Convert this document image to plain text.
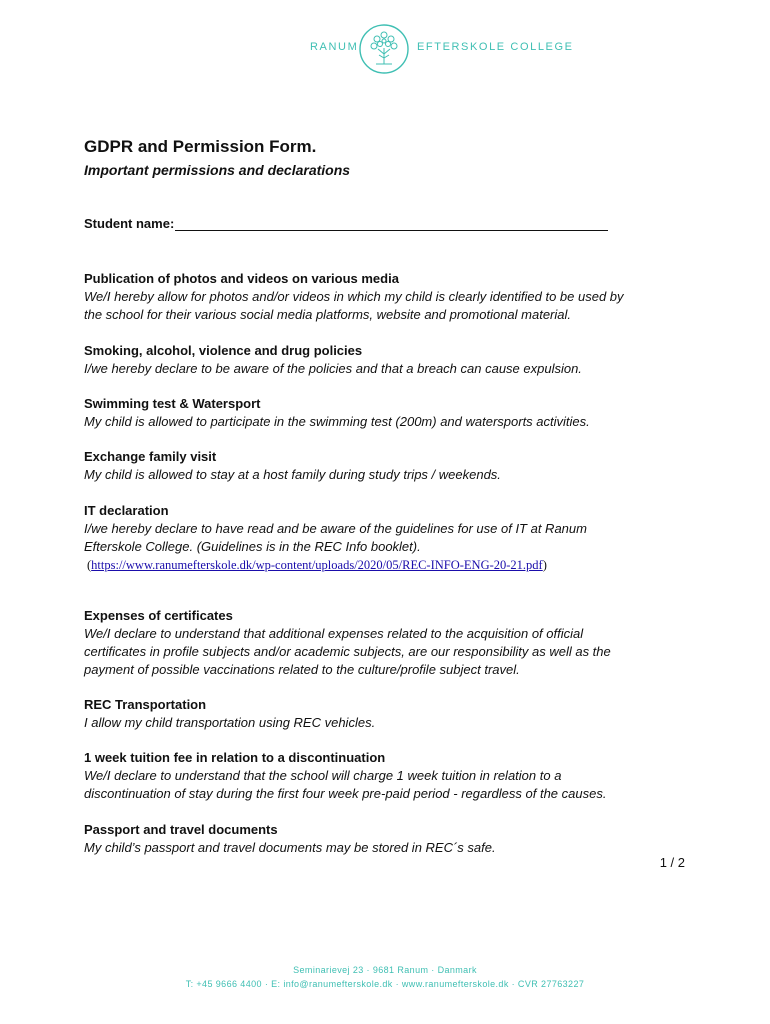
RANUM	EFTERSKOLE COLLEGE
GDPR and Permission Form.
Important permissions and declarations
Student name:

Publication of photos and videos on various media

We/I hereby allow for photos and/or videos in which my child is clearly identified to be used by

the school for their various social media platforms, website and promotional material.

Smoking, alcohol, violence and drug policies

I/we hereby declare to be aware of the policies and that a breach can cause expulsion.

Swimming test & Watersport

My child is allowed to participate in the swimming test (200m) and watersports activities.

Exchange family visit

My child is allowed to stay at a host family during study trips / weekends.

IT declaration

I/we hereby declare to have read and be aware of the guidelines for use of IT at Ranum

Efterskole College. (Guidelines is in the REC Info booklet).

(https://www.ranumefterskole.dk/wp-content/uploads/2020/05/REC-INFO-ENG-20-21.pdf)

Expenses of certificates

We/I declare to understand that additional expenses related to the acquisition of official

certificates in profile subjects and/or academic subjects, are our responsibility as well as the

payment of possible vaccinations related to the culture/profile subject travel.

REC Transportation

I allow my child transportation using REC vehicles.

1 week tuition fee in relation to a discontinuation

We/I declare to understand that the school will charge 1 week tuition in relation to a

discontinuation of stay during the first four week pre-paid period - regardless of the causes.

Passport and travel documents

My child’s passport and travel documents may be stored in REC´s safe.

1 / 2
Seminarievej 23 · 9681 Ranum · Danmark
T: +45 9666 4400 · E: info@ranumefterskole.dk · www.ranumefterskole.dk · CVR 27763227
